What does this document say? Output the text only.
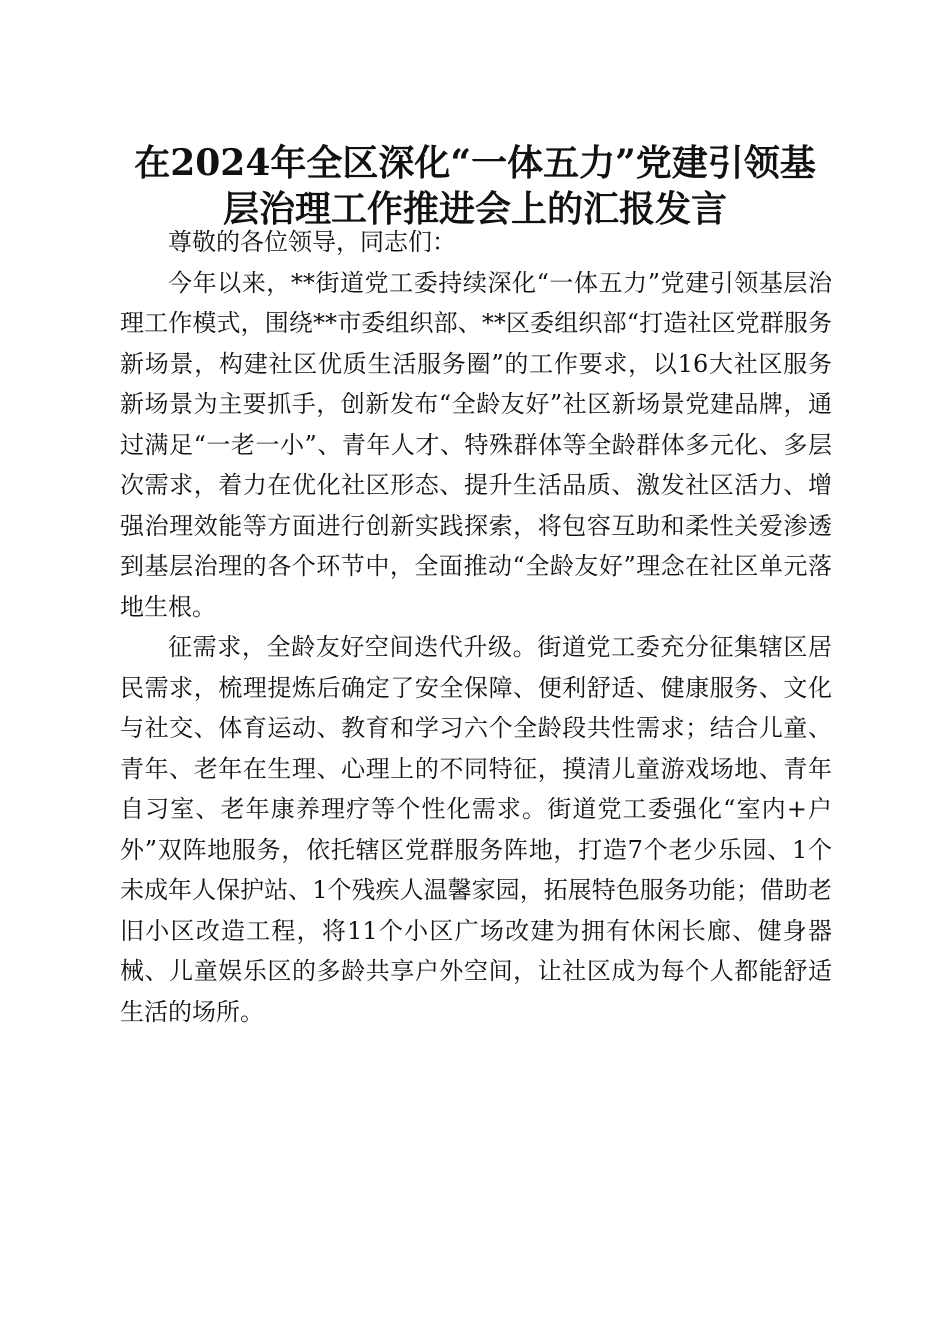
在2024年全区深化“一体五力”党建引领基
层治理工作推进会上的汇报发言

尊敬的各位领导，同志们：

今年以来，**街道党工委持续深化“一体五力”党建引领基层治理工作模式，围绕**市委组织部、**区委组织部“打造社区党群服务新场景，构建社区优质生活服务圈”的工作要求，以16大社区服务新场景为主要抓手，创新发布“全龄友好”社区新场景党建品牌，通过满足“一老一小”、青年人才、特殊群体等全龄群体多元化、多层次需求，着力在优化社区形态、提升生活品质、激发社区活力、增强治理效能等方面进行创新实践探索，将包容互助和柔性关爱渗透到基层治理的各个环节中，全面推动“全龄友好”理念在社区单元落地生根。

征需求，全龄友好空间迭代升级。街道党工委充分征集辖区居民需求，梳理提炼后确定了安全保障、便利舒适、健康服务、文化与社交、体育运动、教育和学习六个全龄段共性需求；结合儿童、青年、老年在生理、心理上的不同特征，摸清儿童游戏场地、青年自习室、老年康养理疗等个性化需求。街道党工委强化“室内+户外”双阵地服务，依托辖区党群服务阵地，打造7个老少乐园、1个未成年人保护站、1个残疾人温馨家园，拓展特色服务功能；借助老旧小区改造工程，将11个小区广场改建为拥有休闲长廊、健身器械、儿童娱乐区的多龄共享户外空间，让社区成为每个人都能舒适生活的场所。
